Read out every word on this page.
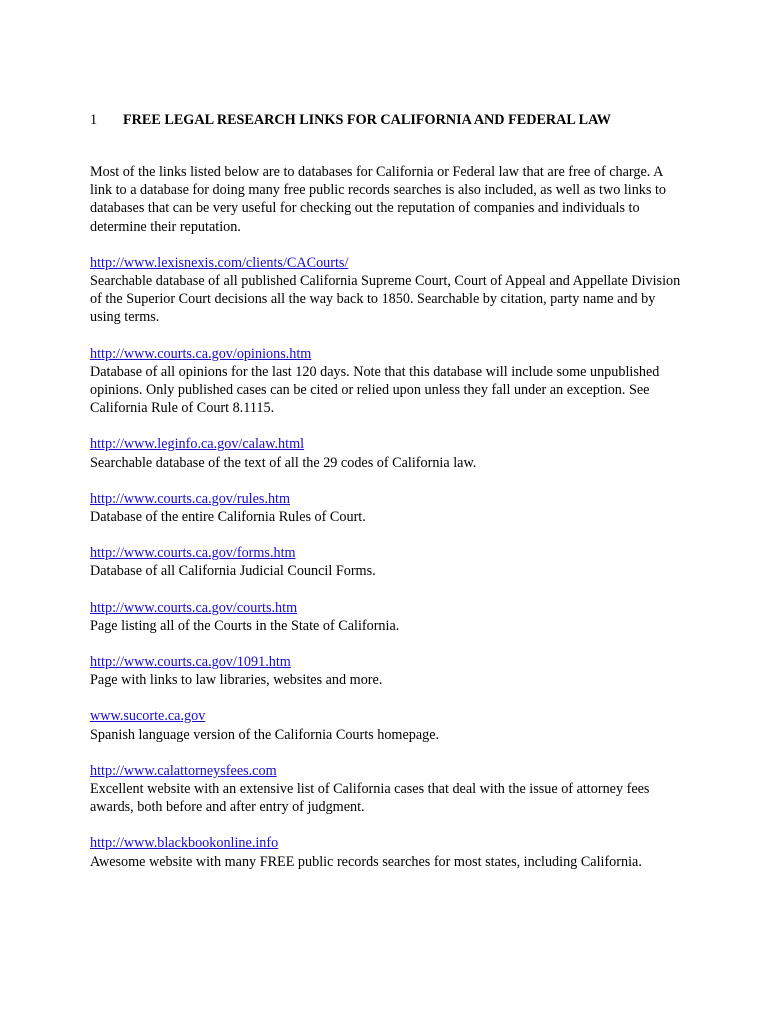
1 FREE LEGAL RESEARCH LINKS FOR CALIFORNIA AND FEDERAL LAW
Most of the links listed below are to databases for California or Federal law that are free of charge. A link to a database for doing many free public records searches is also included, as well as two links to databases that can be very useful for checking out the reputation of companies and individuals to determine their reputation.
http://www.lexisnexis.com/clients/CACourts/
Searchable database of all published California Supreme Court, Court of Appeal and Appellate Division of the Superior Court decisions all the way back to 1850. Searchable by citation, party name and by using terms.
http://www.courts.ca.gov/opinions.htm
Database of all opinions for the last 120 days. Note that this database will include some unpublished opinions. Only published cases can be cited or relied upon unless they fall under an exception. See California Rule of Court 8.1115.
http://www.leginfo.ca.gov/calaw.html
Searchable database of the text of all the 29 codes of California law.
http://www.courts.ca.gov/rules.htm
Database of the entire California Rules of Court.
http://www.courts.ca.gov/forms.htm
Database of all California Judicial Council Forms.
http://www.courts.ca.gov/courts.htm
Page listing all of the Courts in the State of California.
http://www.courts.ca.gov/1091.htm
Page with links to law libraries, websites and more.
www.sucorte.ca.gov
Spanish language version of the California Courts homepage.
http://www.calattorneysfees.com
Excellent website with an extensive list of California cases that deal with the issue of attorney fees awards, both before and after entry of judgment.
http://www.blackbookonline.info
Awesome website with many FREE public records searches for most states, including California.
